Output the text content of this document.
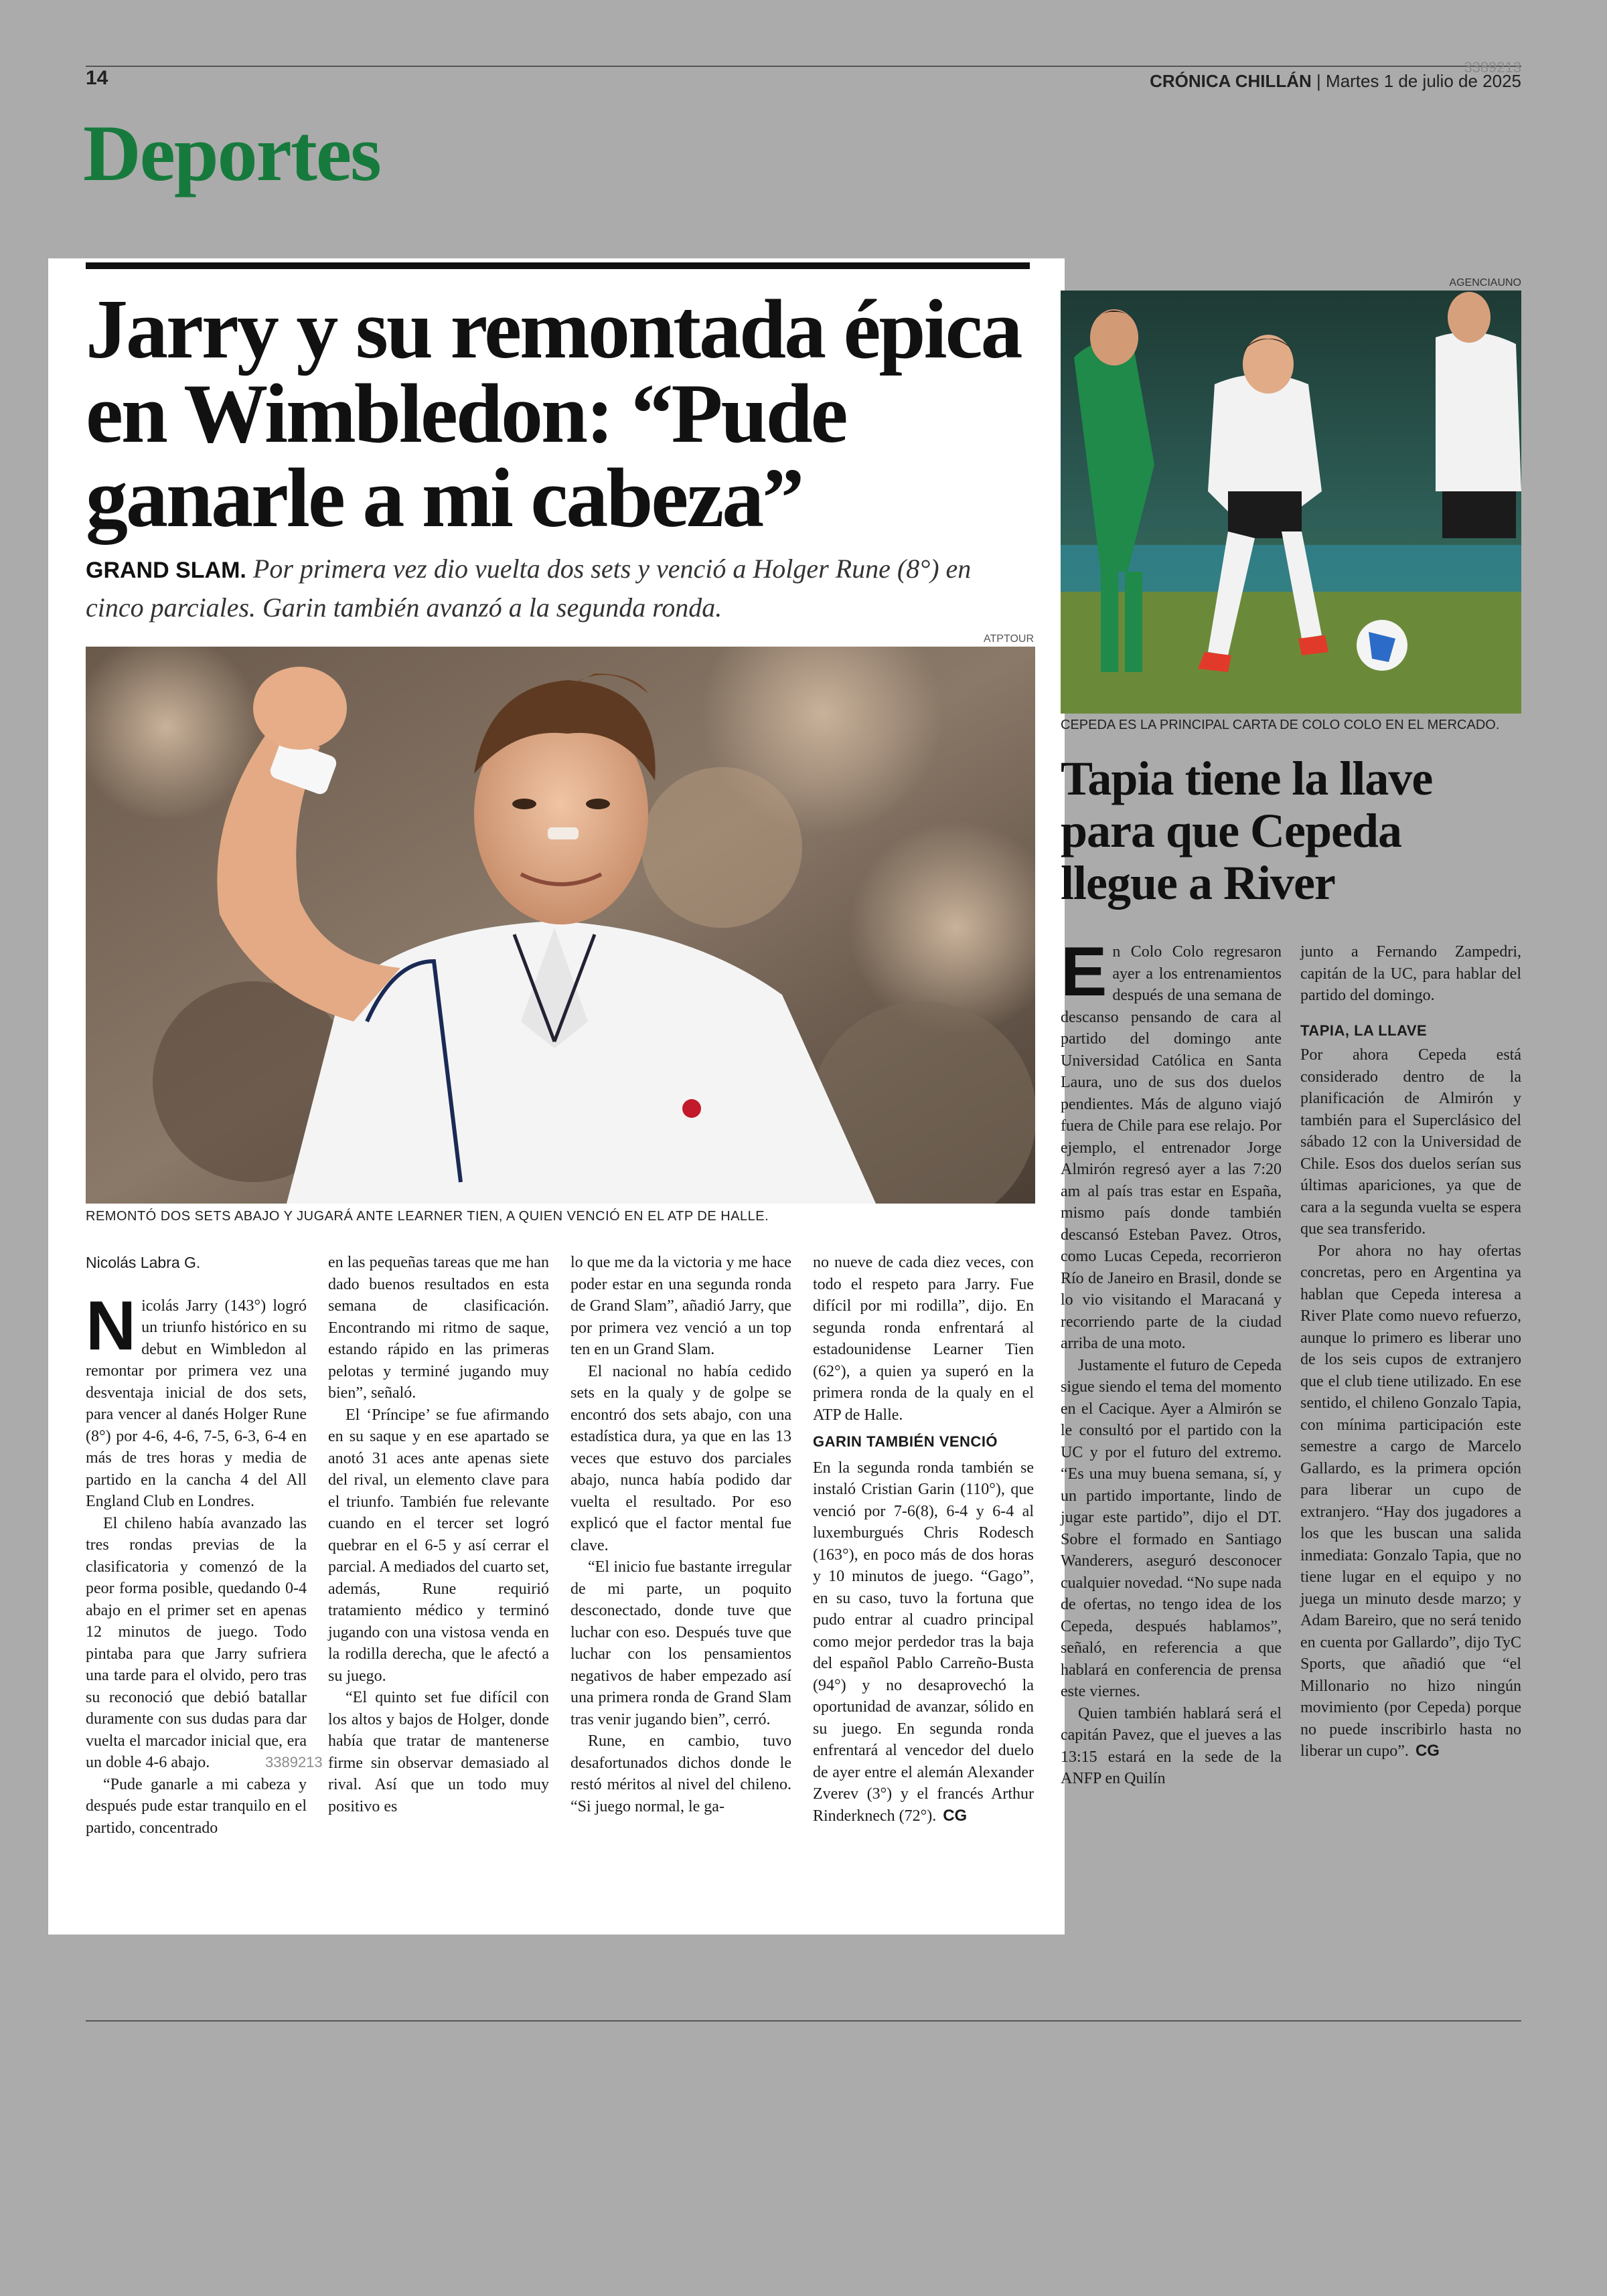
14	3389213
CRÓNICA CHILLÁN | Martes 1 de julio de 2025
Deportes
Jarry y su remontada épica en Wimbledon: “Pude ganarle a mi cabeza”

GRAND SLAM. Por primera vez dio vuelta dos sets y venció a Holger Rune (8°) en cinco parciales. Garin también avanzó a la segunda ronda.

ATPTOUR
REMONTÓ DOS SETS ABAJO Y JUGARÁ ANTE LEARNER TIEN, A QUIEN VENCIÓ EN EL ATP DE HALLE.
Nicolás Labra G.
N icolás Jarry (143°) logró un triunfo histórico en su debut en Wimbledon al remontar por primera vez una desventaja inicial de dos sets, para vencer al danés Holger Rune (8°) por 4-6, 4-6, 7-5, 6-3, 6-4 en más de tres horas y media de partido en la cancha 4 del All England Club en Londres.

El chileno había avanzado las tres rondas previas de la clasificatoria y comenzó de la peor forma posible, quedando 0-4 abajo en el primer set en apenas 12 minutos de juego. Todo pintaba para que Jarry sufriera una tarde para el olvido, pero tras su reconoció que debió batallar duramente con sus dudas para dar vuelta el marcador inicial que, era un doble 4-6 abajo.

“Pude ganarle a mi cabeza y después pude estar tranquilo en el partido, concentrado

3389213

en las pequeñas tareas que me han dado buenos resultados en esta semana de clasificación. Encontrando mi ritmo de saque, estando rápido en las primeras pelotas y terminé jugando muy bien”, señaló.

El ‘Príncipe’ se fue afirmando en su saque y en ese apartado se anotó 31 aces ante apenas siete del rival, un elemento clave para el triunfo. También fue relevante cuando en el tercer set logró quebrar en el 6-5 y así cerrar el parcial. A mediados del cuarto set, además, Rune requirió tratamiento médico y terminó jugando con una vistosa venda en la rodilla derecha, que le afectó a su juego.

“El quinto set fue difícil con los altos y bajos de Holger, donde había que tratar de mantenerse firme sin observar demasiado al rival. Así que un todo muy positivo es

lo que me da la victoria y me hace poder estar en una segunda ronda de Grand Slam”, añadió Jarry, que por primera vez venció a un top ten en un Grand Slam.

El nacional no había cedido sets en la qualy y de golpe se encontró dos sets abajo, con una estadística dura, ya que en las 13 veces que estuvo dos parciales abajo, nunca había podido dar vuelta el resultado. Por eso explicó que el factor mental fue clave.

“El inicio fue bastante irregular de mi parte, un poquito desconectado, donde tuve que luchar con eso. Después tuve que luchar con los pensamientos negativos de haber empezado así una primera ronda de Grand Slam tras venir jugando bien”, cerró.

Rune, en cambio, tuvo desafortunados dichos donde le restó méritos al nivel del chileno. “Si juego normal, le ga-

no nueve de cada diez veces, con todo el respeto para Jarry. Fue difícil por mi rodilla”, dijo. En segunda ronda enfrentará al estadounidense Learner Tien (62°), a quien ya superó en la primera ronda de la qualy en el ATP de Halle.

GARIN TAMBIÉN VENCIÓ

En la segunda ronda también se instaló Cristian Garin (110°), que venció por 7-6(8), 6-4 y 6-4 al luxemburgués Chris Rodesch (163°), en poco más de dos horas y 10 minutos de juego. “Gago”, en su caso, tuvo la fortuna que pudo entrar al cuadro principal como mejor perdedor tras la baja del español Pablo Carreño-Busta (94°) y no desaprovechó la oportunidad de avanzar, sólido en su juego. En segunda ronda enfrentará al vencedor del duelo de ayer entre el alemán Alexander Zverev (3°) y el francés Arthur Rinderknech (72°). CG

AGENCIAUNO
CEPEDA ES LA PRINCIPAL CARTA DE COLO COLO EN EL MERCADO.
Tapia tiene la llave para que Cepeda llegue a River
E n Colo Colo regresaron ayer a los entrenamientos después de una semana de descanso pensando de cara al partido del domingo ante Universidad Católica en Santa Laura, uno de sus dos duelos pendientes. Más de alguno viajó fuera de Chile para ese relajo. Por ejemplo, el entrenador Jorge Almirón regresó ayer a las 7:20 am al país tras estar en España, mismo país donde también descansó Esteban Pavez. Otros, como Lucas Cepeda, recorrieron Río de Janeiro en Brasil, donde se lo vio visitando el Maracaná y recorriendo parte de la ciudad arriba de una moto.

Justamente el futuro de Cepeda sigue siendo el tema del momento en el Cacique. Ayer a Almirón se le consultó por el partido con la UC y por el futuro del extremo. “Es una muy buena semana, sí, y un partido importante, lindo de jugar este partido”, dijo el DT. Sobre el formado en Santiago Wanderers, aseguró desconocer cualquier novedad. “No supe nada de ofertas, no tengo idea de los Cepeda, después hablamos”, señaló, en referencia a que hablará en conferencia de prensa este viernes.

Quien también hablará será el capitán Pavez, que el jueves a las 13:15 estará en la sede de la ANFP en Quilín

junto a Fernando Zampedri, capitán de la UC, para hablar del partido del domingo.

TAPIA, LA LLAVE

Por ahora Cepeda está considerado dentro de la planificación de Almirón y también para el Superclásico del sábado 12 con la Universidad de Chile. Esos dos duelos serían sus últimas apariciones, ya que de cara a la segunda vuelta se espera que sea transferido.

Por ahora no hay ofertas concretas, pero en Argentina ya hablan que Cepeda interesa a River Plate como nuevo refuerzo, aunque lo primero es liberar uno de los seis cupos de extranjero que el club tiene utilizado. En ese sentido, el chileno Gonzalo Tapia, con mínima participación este semestre a cargo de Marcelo Gallardo, es la primera opción para liberar un cupo de extranjero. “Hay dos jugadores a los que les buscan una salida inmediata: Gonzalo Tapia, que no tiene lugar en el equipo y no juega un minuto desde marzo; y Adam Bareiro, que no será tenido en cuenta por Gallardo”, dijo TyC Sports, que añadió que “el Millonario no hizo ningún movimiento (por Cepeda) porque no puede inscribirlo hasta no liberar un cupo”. CG
